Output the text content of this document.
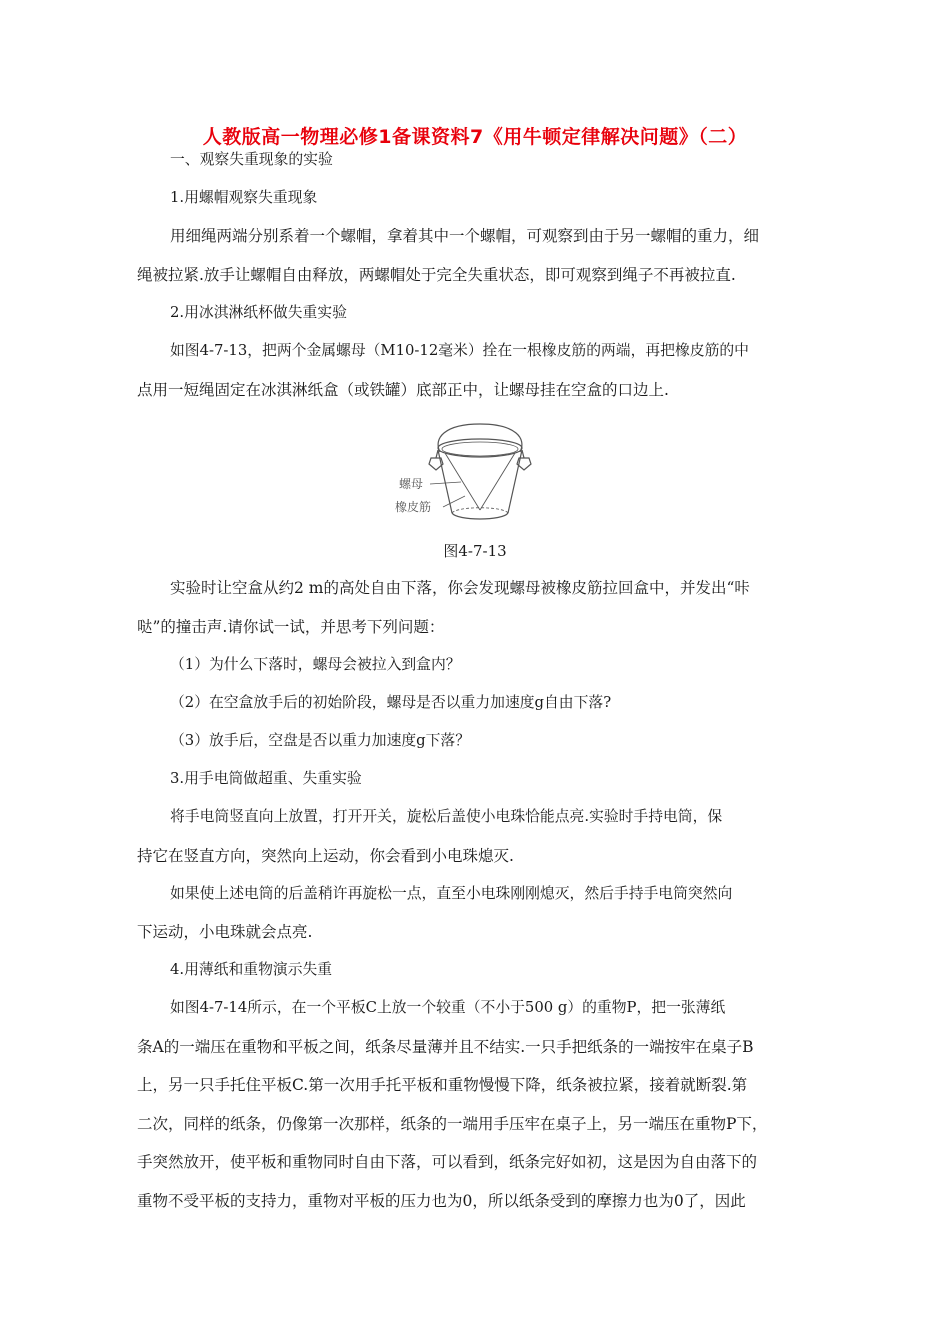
人教版高一物理必修1备课资料7《用牛顿定律解决问题》（二）
一、观察失重现象的实验
1.用螺帽观察失重现象
用细绳两端分别系着一个螺帽，拿着其中一个螺帽，可观察到由于另一螺帽的重力，细
绳被拉紧.放手让螺帽自由释放，两螺帽处于完全失重状态，即可观察到绳子不再被拉直.
2.用冰淇淋纸杯做失重实验
如图4-7-13，把两个金属螺母（M10-12毫米）拴在一根橡皮筋的两端，再把橡皮筋的中
点用一短绳固定在冰淇淋纸盒（或铁罐）底部正中，让螺母挂在空盒的口边上.
螺母
橡皮筋
图4-7-13
实验时让空盒从约2 m的高处自由下落，你会发现螺母被橡皮筋拉回盒中，并发出“咔
哒”的撞击声.请你试一试，并思考下列问题：
（1）为什么下落时，螺母会被拉入到盒内？
（2）在空盒放手后的初始阶段，螺母是否以重力加速度g自由下落?
（3）放手后，空盘是否以重力加速度g下落？
3.用手电筒做超重、失重实验
将手电筒竖直向上放置，打开开关，旋松后盖使小电珠恰能点亮.实验时手持电筒，保
持它在竖直方向，突然向上运动，你会看到小电珠熄灭.
如果使上述电筒的后盖稍许再旋松一点，直至小电珠刚刚熄灭，然后手持手电筒突然向
下运动，小电珠就会点亮.
4.用薄纸和重物演示失重
如图4-7-14所示，在一个平板C上放一个较重（不小于500 g）的重物P，把一张薄纸
条A的一端压在重物和平板之间，纸条尽量薄并且不结实.一只手把纸条的一端按牢在桌子B
上，另一只手托住平板C.第一次用手托平板和重物慢慢下降，纸条被拉紧，接着就断裂.第
二次，同样的纸条，仍像第一次那样，纸条的一端用手压牢在桌子上，另一端压在重物P下，
手突然放开，使平板和重物同时自由下落，可以看到，纸条完好如初，这是因为自由落下的
重物不受平板的支持力，重物对平板的压力也为0，所以纸条受到的摩擦力也为0了，因此
